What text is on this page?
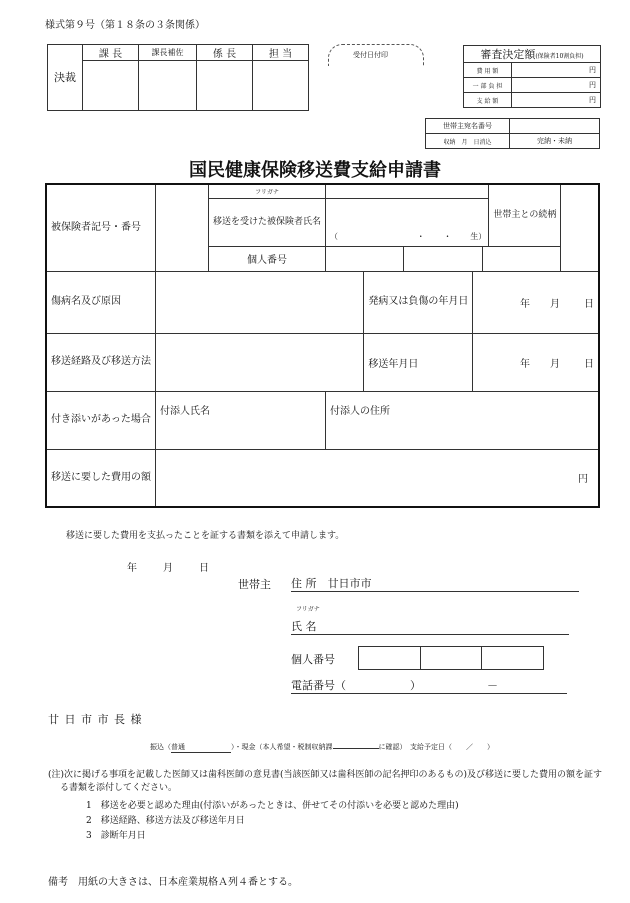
様式第９号（第１８条の３条関係）
決裁	課 長	課長補佐	係 長	担 当
				受付日付印	審査決定額(保険者10割負担)	
費 用 額	円
一 部 負 担	円
支 給 額	円
世帯主宛名番号	
収納　月　日消込	完納・未納
国民健康保険移送費支給申請書
被保険者記号・番号		フリガナ				世帯主との続柄	
		移送を受けた被保険者氏名	（ ・ ・ 生）				

		個人番号					

傷病名及び原因				発病又は負傷の年月日	年 月 日		
移送経路及び移送方法				移送年月日	年 月 日		
付き添いがあった場合	付添人氏名		付添人の住所				
移送に要した費用の額	円						
移送に要した費用を支払ったことを証する書類を添えて申請します。
年	月	日
世帯主 住 所　 廿日市市
フリガナ
氏 名
個人番号
電話番号（	）	－
廿 日 市 市 長 様
振込（普通	）・現金（本人希望・税制収納課	に確認）　 支給予定日（　　／　　）
(注)次に掲げる事項を記載した医師又は歯科医師の意見書(当該医師又は歯科医師の記名押印のあるもの)及び移送に要した費用の額を証する書類を添付してください。
1　移送を必要と認めた理由(付添いがあったときは、併せてその付添いを必要と認めた理由)
2　移送経路、移送方法及び移送年月日
3　診断年月日
備考　用紙の大きさは、日本産業規格Ａ列４番とする。
